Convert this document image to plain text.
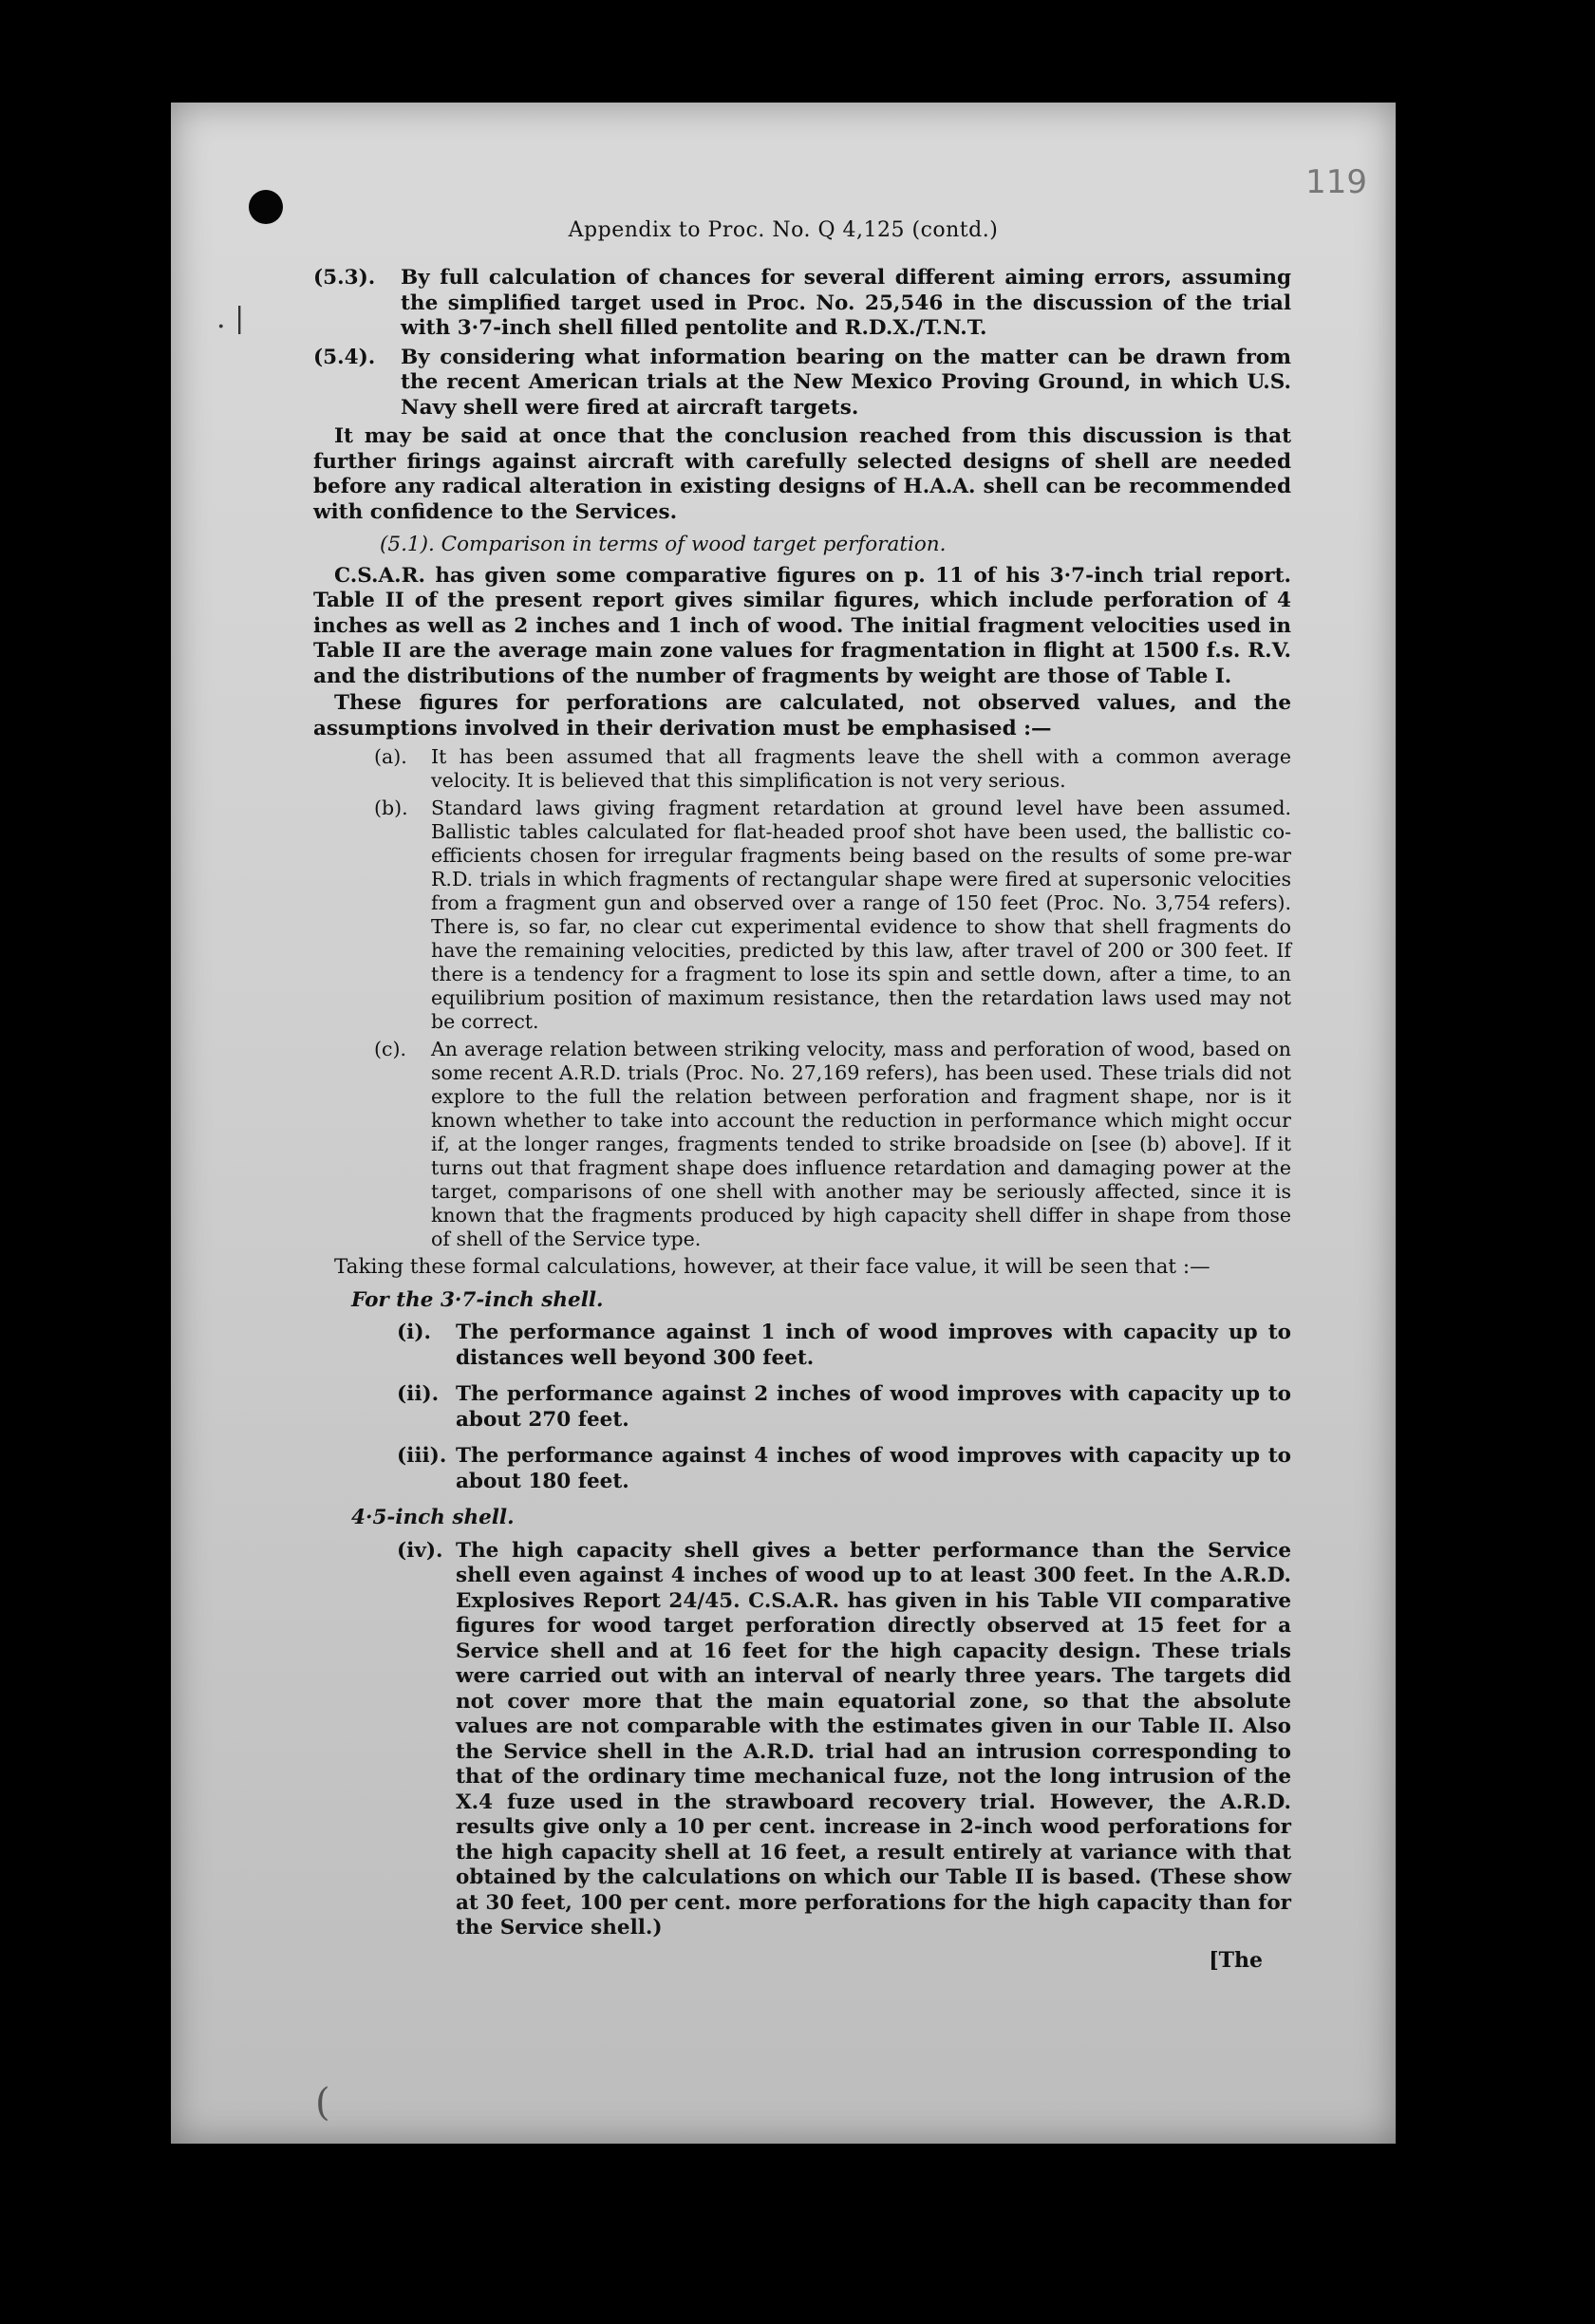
119
. |
(
Appendix to Proc. No. Q 4,125 (contd.)
(5.3). By full calculation of chances for several different aiming errors, assuming the simplified target used in Proc. No. 25,546 in the discussion of the trial with 3·7-inch shell filled pentolite and R.D.X./T.N.T.
(5.4). By considering what information bearing on the matter can be drawn from the recent American trials at the New Mexico Proving Ground, in which U.S. Navy shell were fired at aircraft targets.

It may be said at once that the conclusion reached from this discussion is that further firings against aircraft with carefully selected designs of shell are needed before any radical alteration in existing designs of H.A.A. shell can be recommended with confidence to the Services.

(5.1). Comparison in terms of wood target perforation.

C.S.A.R. has given some comparative figures on p. 11 of his 3·7-inch trial report. Table II of the present report gives similar figures, which include perforation of 4 inches as well as 2 inches and 1 inch of wood. The initial fragment velocities used in Table II are the average main zone values for fragmentation in flight at 1500 f.s. R.V. and the distributions of the number of fragments by weight are those of Table I.

These figures for perforations are calculated, not observed values, and the assumptions involved in their derivation must be emphasised :—

(a). It has been assumed that all fragments leave the shell with a common average velocity. It is believed that this simplification is not very serious.
(b). Standard laws giving fragment retardation at ground level have been assumed. Ballistic tables calculated for flat-headed proof shot have been used, the ballistic co-efficients chosen for irregular fragments being based on the results of some pre-war R.D. trials in which fragments of rectangular shape were fired at supersonic velocities from a fragment gun and observed over a range of 150 feet (Proc. No. 3,754 refers). There is, so far, no clear cut experimental evidence to show that shell fragments do have the remaining velocities, predicted by this law, after travel of 200 or 300 feet. If there is a tendency for a fragment to lose its spin and settle down, after a time, to an equilibrium position of maximum resistance, then the retardation laws used may not be correct.
(c). An average relation between striking velocity, mass and perforation of wood, based on some recent A.R.D. trials (Proc. No. 27,169 refers), has been used. These trials did not explore to the full the relation between perforation and fragment shape, nor is it known whether to take into account the reduction in performance which might occur if, at the longer ranges, fragments tended to strike broadside on [see (b) above]. If it turns out that fragment shape does influence retardation and damaging power at the target, comparisons of one shell with another may be seriously affected, since it is known that the fragments produced by high capacity shell differ in shape from those of shell of the Service type.

Taking these formal calculations, however, at their face value, it will be seen that :—

For the 3·7-inch shell.
(i). The performance against 1 inch of wood improves with capacity up to distances well beyond 300 feet.
(ii). The performance against 2 inches of wood improves with capacity up to about 270 feet.
(iii). The performance against 4 inches of wood improves with capacity up to about 180 feet.
4·5-inch shell.
(iv). The high capacity shell gives a better performance than the Service shell even against 4 inches of wood up to at least 300 feet. In the A.R.D. Explosives Report 24/45. C.S.A.R. has given in his Table VII comparative figures for wood target perforation directly observed at 15 feet for a Service shell and at 16 feet for the high capacity design. These trials were carried out with an interval of nearly three years. The targets did not cover more that the main equatorial zone, so that the absolute values are not comparable with the estimates given in our Table II. Also the Service shell in the A.R.D. trial had an intrusion corresponding to that of the ordinary time mechanical fuze, not the long intrusion of the X.4 fuze used in the strawboard recovery trial. However, the A.R.D. results give only a 10 per cent. increase in 2-inch wood perforations for the high capacity shell at 16 feet, a result entirely at variance with that obtained by the calculations on which our Table II is based. (These show at 30 feet, 100 per cent. more perforations for the high capacity than for the Service shell.)
[The
